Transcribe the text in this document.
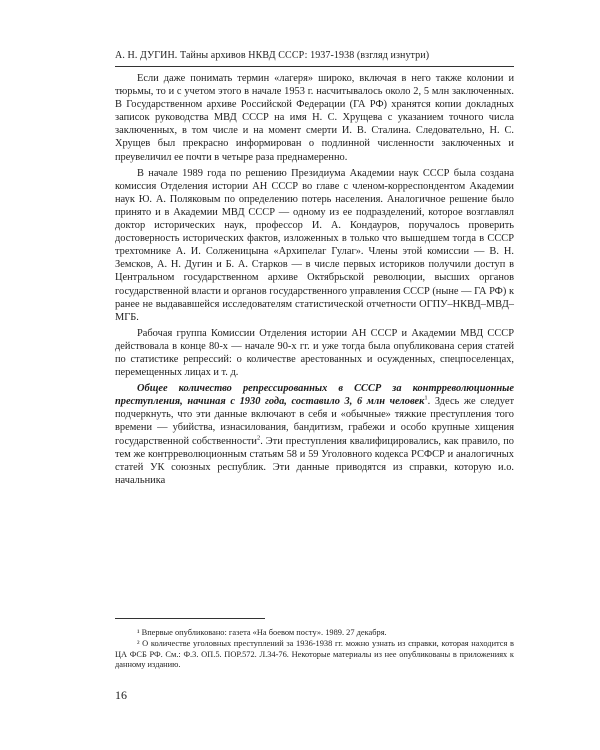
А. Н. ДУГИН. Тайны архивов НКВД СССР: 1937-1938 (взгляд изнутри)

Если даже понимать термин «лагеря» широко, включая в него также колонии и тюрьмы, то и с учетом этого в начале 1953 г. насчитывалось около 2, 5 млн заключенных. В Государственном архиве Российской Федерации (ГА РФ) хранятся копии докладных записок руководства МВД СССР на имя Н. С. Хрущева с указанием точного числа заключенных, в том числе и на момент смерти И. В. Сталина. Следовательно, Н. С. Хрущев был прекрасно информирован о подлинной численности заключенных и преувеличил ее почти в четыре раза преднамеренно.

В начале 1989 года по решению Президиума Академии наук СССР была создана комиссия Отделения истории АН СССР во главе с членом-корреспондентом Академии наук Ю. А. Поляковым по определению потерь населения. Аналогичное решение было принято и в Академии МВД СССР — одному из ее подразделений, которое возглавлял доктор исторических наук, профессор И. А. Кондауров, поручалось проверить достоверность исторических фактов, изложенных в только что вышедшем тогда в СССР трехтомнике А. И. Солженицына «Архипелаг Гулаг». Члены этой комиссии — В. Н. Земсков, А. Н. Дугин и Б. А. Старков — в числе первых историков получили доступ в Центральном государственном архиве Октябрьской революции, высших органов государственной власти и органов государственного управления СССР (ныне — ГА РФ) к ранее не выдававшейся исследователям статистической отчетности ОГПУ–НКВД–МВД–МГБ.

Рабочая группа Комиссии Отделения истории АН СССР и Академии МВД СССР действовала в конце 80-х — начале 90-х гг. и уже тогда была опубликована серия статей по статистике репрессий: о количестве арестованных и осужденных, спецпоселенцах, перемещенных лицах и т. д.

Общее количество репрессированных в СССР за контрреволюционные преступления, начиная с 1930 года, составило 3, 6 млн человек$^1$. Здесь же следует подчеркнуть, что эти данные включают в себя и «обычные» тяжкие преступления того времени — убийства, изнасилования, бандитизм, грабежи и особо крупные хищения государственной собственности$^2$. Эти преступления квалифицировались, как правило, по тем же контрреволюционным статьям 58 и 59 Уголовного кодекса РСФСР и аналогичных статей УК союзных республик. Эти данные приводятся из справки, которую и.о. начальника

¹ Впервые опубликовано: газета «На боевом посту». 1989. 27 декабря.

² О количестве уголовных преступлений за 1936-1938 гг. можно узнать из справки, которая находится в ЦА ФСБ РФ. См.: Ф.3. ОП.5. ПОР.572. Л.34-76. Некоторые материалы из нее опубликованы в приложениях к данному изданию.

16
